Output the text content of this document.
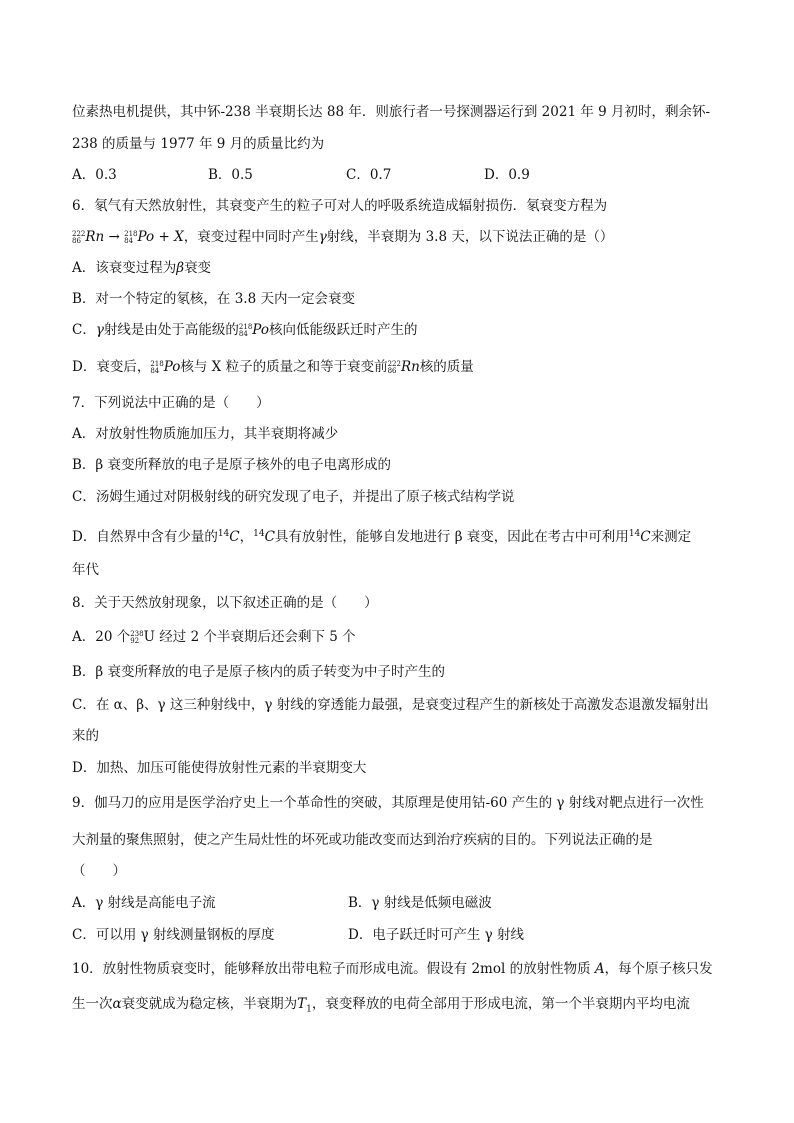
位素热电机提供，其中钚-238 半衰期长达 88 年．则旅行者一号探测器运行到 2021 年 9 月初时，剩余钚-
238 的质量与 1977 年 9 月的质量比约为
A．0.3	B．0.5	C．0.7	D．0.9
6．氡气有天然放射性，其衰变产生的粒子可对人的呼吸系统造成辐射损伤．氡衰变方程为
222
86 Rn → 218
84 Po + X，衰变过程中同时产生γ射线，半衰期为 3.8 天，以下说法正确的是（）
A．该衰变过程为β衰变
B．对一个特定的氡核，在 3.8 天内一定会衰变
C．γ射线是由处于高能级的218
84 Po核向低能级跃迁时产生的
D．衰变后，218
84 Po核与 X 粒子的质量之和等于衰变前222
86 Rn核的质量
7．下列说法中正确的是（　　）
A．对放射性物质施加压力，其半衰期将减少
B．β 衰变所释放的电子是原子核外的电子电离形成的
C．汤姆生通过对阴极射线的研究发现了电子，并提出了原子核式结构学说
D．自然界中含有少量的$^{14}$C，$^{14}$C具有放射性，能够自发地进行 β 衰变，因此在考古中可利用$^{14}$C来测定
年代
8．关于天然放射现象，以下叙述正确的是（　　）
A．20 个238
92 U 经过 2 个半衰期后还会剩下 5 个
B．β 衰变所释放的电子是原子核内的质子转变为中子时产生的
C．在 α、β、γ 这三种射线中，γ 射线的穿透能力最强，是衰变过程产生的新核处于高激发态退激发辐射出
来的
D．加热、加压可能使得放射性元素的半衰期变大
9．伽马刀的应用是医学治疗史上一个革命性的突破，其原理是使用钴-60 产生的 γ 射线对靶点进行一次性
大剂量的聚焦照射，使之产生局灶性的坏死或功能改变而达到治疗疾病的目的。下列说法正确的是
（　　）
A．γ 射线是高能电子流	B．γ 射线是低频电磁波
C．可以用 γ 射线测量钢板的厚度	D．电子跃迁时可产生 γ 射线
10．放射性物质衰变时，能够释放出带电粒子而形成电流。假设有 2mol 的放射性物质 A，每个原子核只发
生一次α衰变就成为稳定核，半衰期为$T_1$，衰变释放的电荷全部用于形成电流，第一个半衰期内平均电流
